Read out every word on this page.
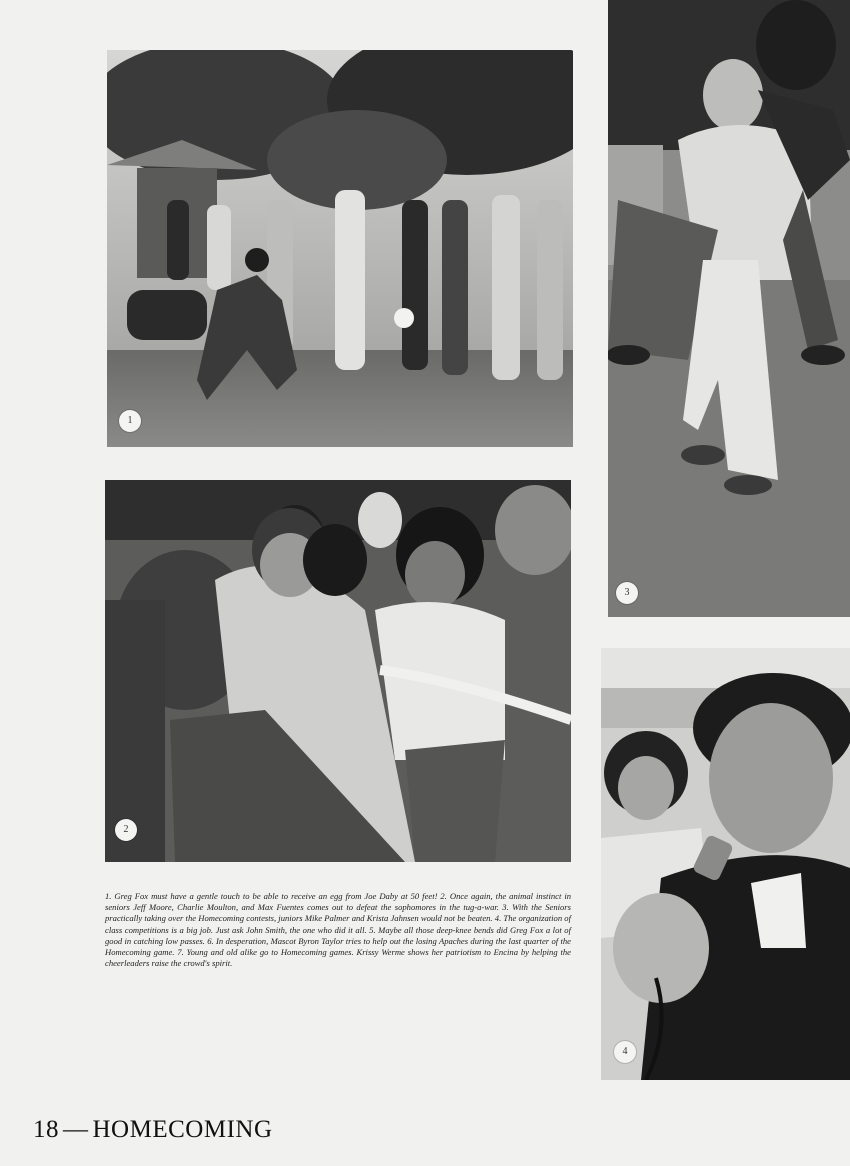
1
2
3
4

1. Greg Fox must have a gentle touch to be able to receive an egg from Joe Daby at 50 feet! 2. Once again, the animal instinct in seniors Jeff Moore, Charlie Moulton, and Max Fuentes comes out to defeat the sophomores in the tug-a-war. 3. With the Seniors practically taking over the Homecoming contests, juniors Mike Palmer and Krista Jahnsen would not be beaten. 4. The organization of class competitions is a big job. Just ask John Smith, the one who did it all. 5. Maybe all those deep-knee bends did Greg Fox a lot of good in catching low passes. 6. In desperation, Mascot Byron Taylor tries to help out the losing Apaches during the last quarter of the Homecoming game. 7. Young and old alike go to Homecoming games. Krissy Werme shows her patriotism to Encina by helping the cheerleaders raise the crowd's spirit.

18 — HOMECOMING
